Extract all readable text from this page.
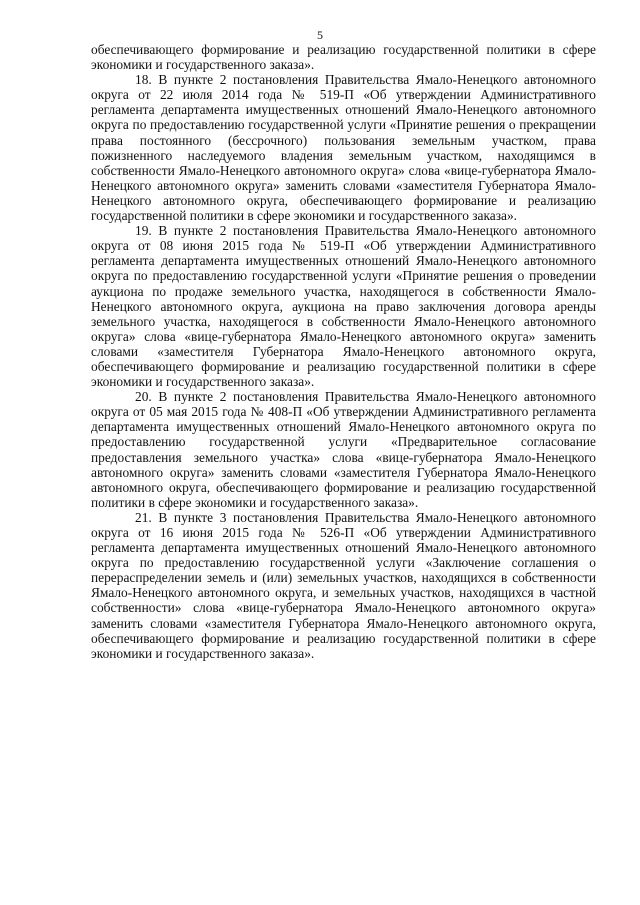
5

обеспечивающего формирование и реализацию государственной политики в сфере экономики и государственного заказа».

18. В пункте 2 постановления Правительства Ямало-Ненецкого автономного округа от 22 июля 2014 года № 519-П «Об утверждении Административного регламента департамента имущественных отношений Ямало-Ненецкого автономного округа по предоставлению государственной услуги «Принятие решения о прекращении права постоянного (бессрочного) пользования земельным участком, права пожизненного наследуемого владения земельным участком, находящимся в собственности Ямало-Ненецкого автономного округа» слова «вице-губернатора Ямало-Ненецкого автономного округа» заменить словами «заместителя Губернатора Ямало-Ненецкого автономного округа, обеспечивающего формирование и реализацию государственной политики в сфере экономики и государственного заказа».

19. В пункте 2 постановления Правительства Ямало-Ненецкого автономного округа от 08 июня 2015 года № 519-П «Об утверждении Административного регламента департамента имущественных отношений Ямало-Ненецкого автономного округа по предоставлению государственной услуги «Принятие решения о проведении аукциона по продаже земельного участка, находящегося в собственности Ямало-Ненецкого автономного округа, аукциона на право заключения договора аренды земельного участка, находящегося в собственности Ямало-Ненецкого автономного округа» слова «вице-губернатора Ямало-Ненецкого автономного округа» заменить словами «заместителя Губернатора Ямало-Ненецкого автономного округа, обеспечивающего формирование и реализацию государственной политики в сфере экономики и государственного заказа».

20. В пункте 2 постановления Правительства Ямало-Ненецкого автономного округа от 05 мая 2015 года № 408-П «Об утверждении Административного регламента департамента имущественных отношений Ямало-Ненецкого автономного округа по предоставлению государственной услуги «Предварительное согласование предоставления земельного участка» слова «вице-губернатора Ямало-Ненецкого автономного округа» заменить словами «заместителя Губернатора Ямало-Ненецкого автономного округа, обеспечивающего формирование и реализацию государственной политики в сфере экономики и государственного заказа».

21. В пункте 3 постановления Правительства Ямало-Ненецкого автономного округа от 16 июня 2015 года № 526-П «Об утверждении Административного регламента департамента имущественных отношений Ямало-Ненецкого автономного округа по предоставлению государственной услуги «Заключение соглашения о перераспределении земель и (или) земельных участков, находящихся в собственности Ямало-Ненецкого автономного округа, и земельных участков, находящихся в частной собственности» слова «вице-губернатора Ямало-Ненецкого автономного округа» заменить словами «заместителя Губернатора Ямало-Ненецкого автономного округа, обеспечивающего формирование и реализацию государственной политики в сфере экономики и государственного заказа».
